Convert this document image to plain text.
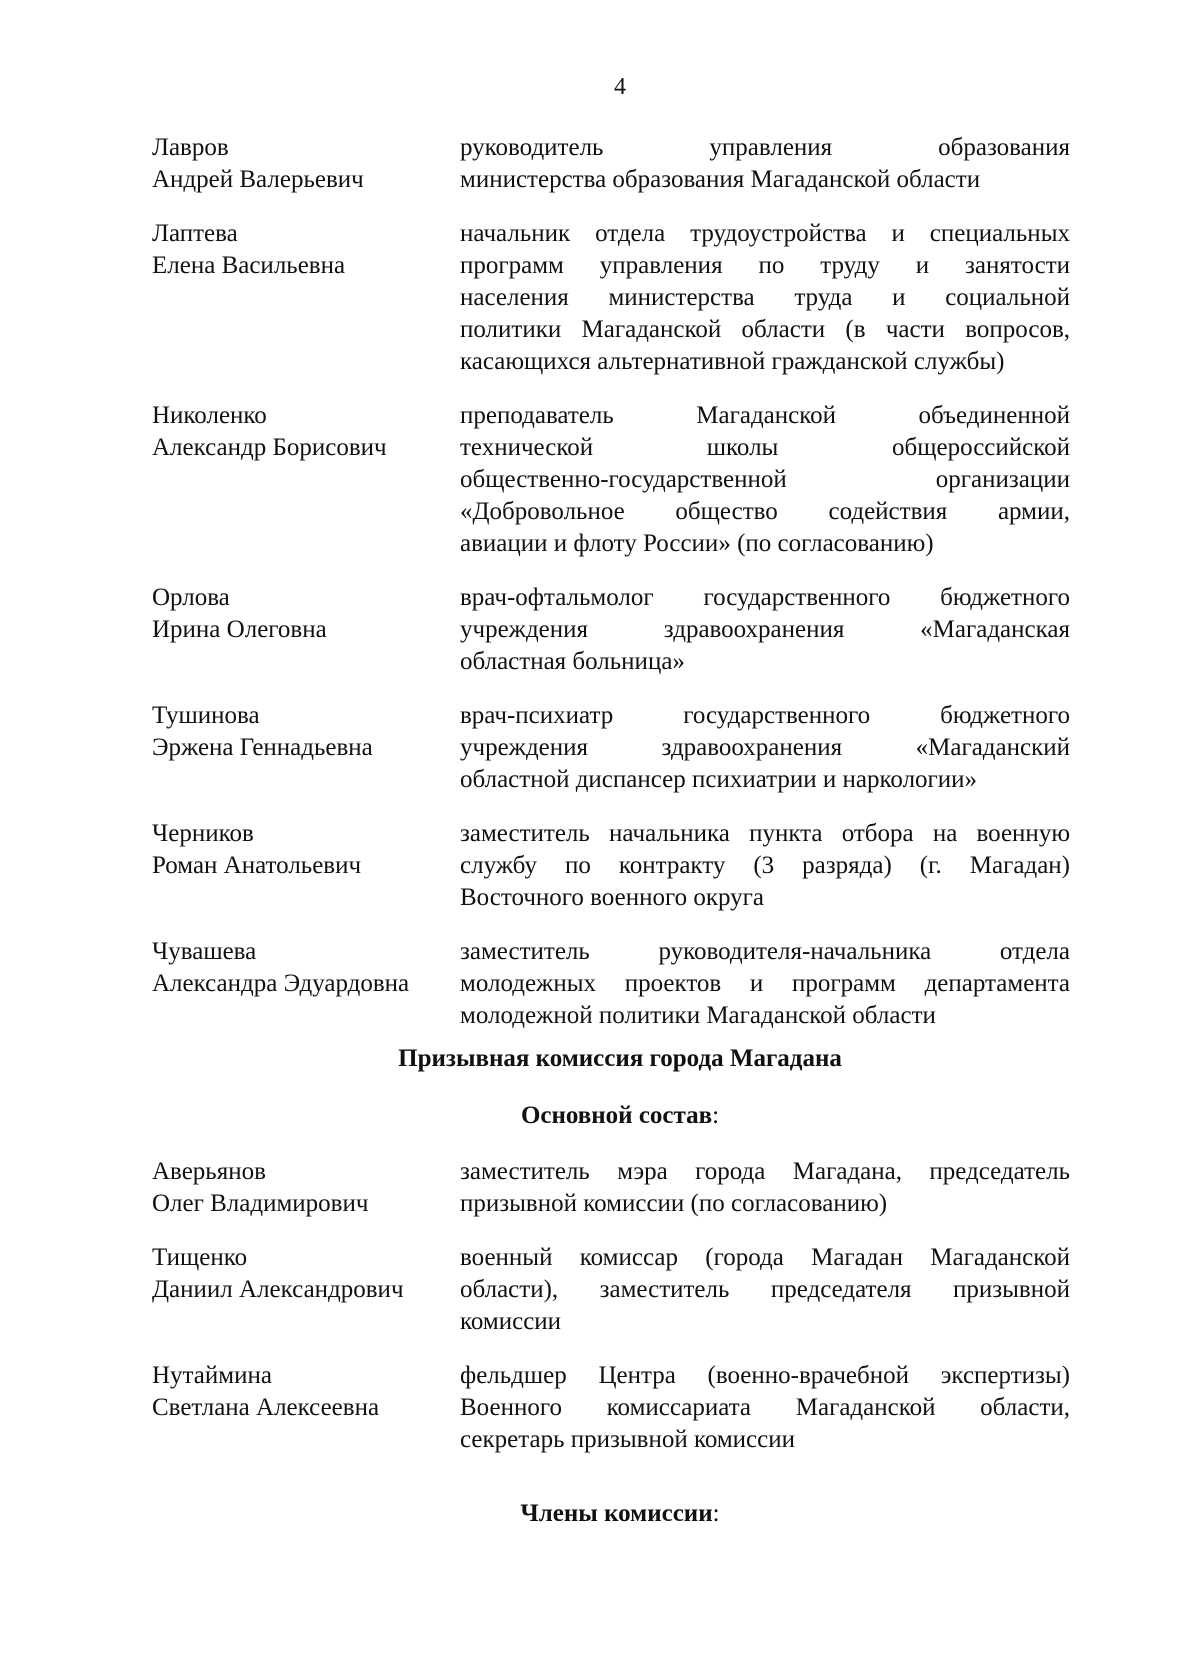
4
Лавров
Андрей Валерьевич
руководитель управления образования
министерства образования Магаданской области
Лаптева
Елена Васильевна
начальник отдела трудоустройства и специальных
программ управления по труду и занятости
населения министерства труда и социальной
политики Магаданской области (в части вопросов,
касающихся альтернативной гражданской службы)
Николенко
Александр Борисович
преподаватель Магаданской объединенной
технической школы общероссийской
общественно-государственной организации
«Добровольное общество содействия армии,
авиации и флоту России» (по согласованию)
Орлова
Ирина Олеговна
врач-офтальмолог государственного бюджетного
учреждения здравоохранения «Магаданская
областная больница»
Тушинова
Эржена Геннадьевна
врач-психиатр государственного бюджетного
учреждения здравоохранения «Магаданский
областной диспансер психиатрии и наркологии»
Черников
Роман Анатольевич
заместитель начальника пункта отбора на военную
службу по контракту (3 разряда) (г. Магадан)
Восточного военного округа
Чувашева
Александра Эдуардовна
заместитель руководителя-начальника отдела
молодежных проектов и программ департамента
молодежной политики Магаданской области
Призывная комиссия города Магадана
Основной состав:
Аверьянов
Олег Владимирович
заместитель мэра города Магадана, председатель
призывной комиссии (по согласованию)
Тищенко
Даниил Александрович
военный комиссар (города Магадан Магаданской
области), заместитель председателя призывной
комиссии
Нутаймина
Светлана Алексеевна
фельдшер Центра (военно-врачебной экспертизы)
Военного комиссариата Магаданской области,
секретарь призывной комиссии
Члены комиссии:
